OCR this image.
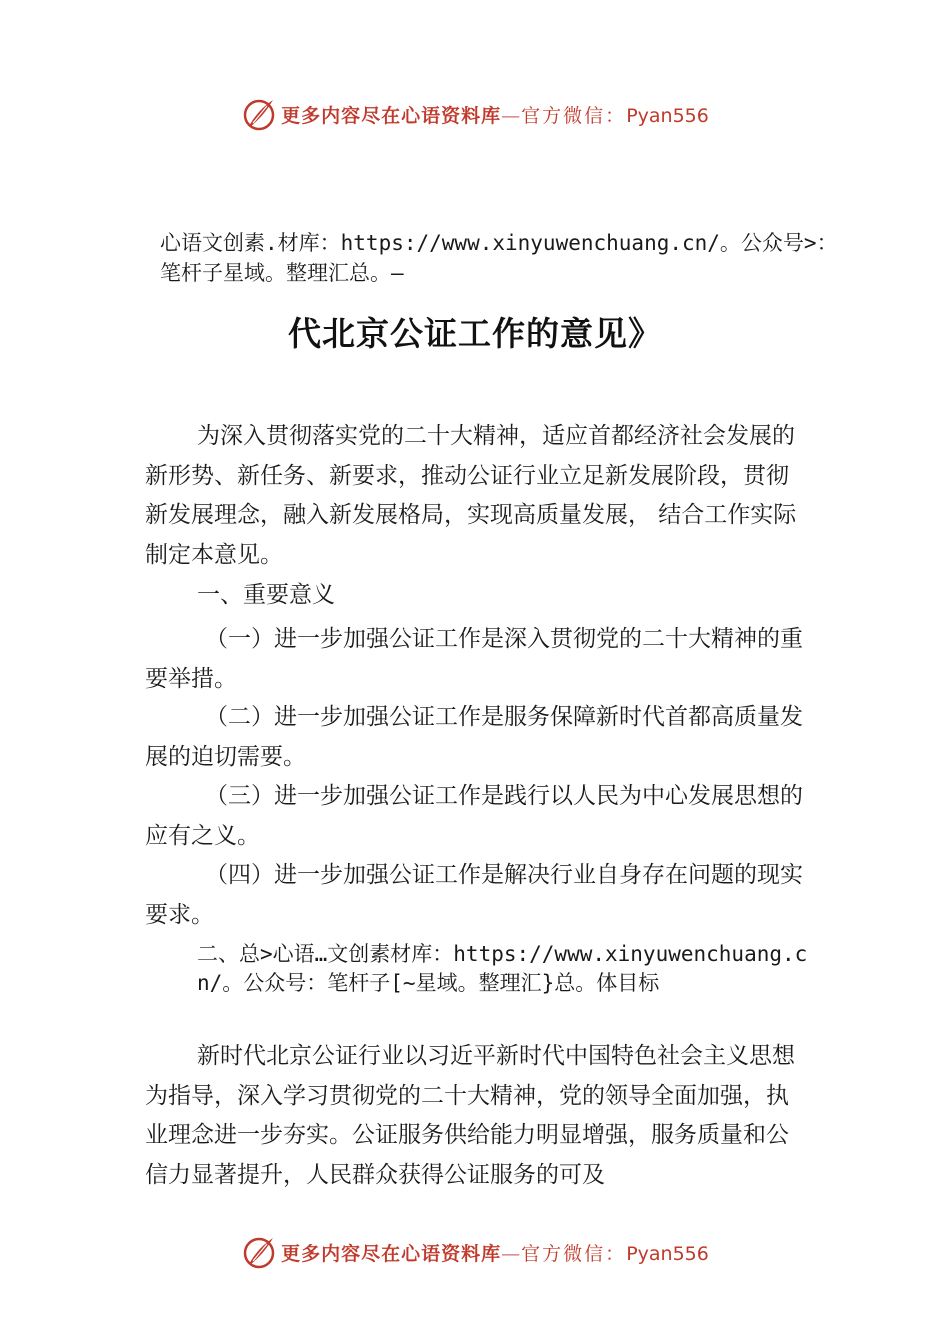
更多内容尽在心语资料库—官方微信：Pyan556
心语文创素.材库：https://www.xinyuwenchuang.cn/。公众号>：笔杆子星域。整理汇总。—
代北京公证工作的意见》

为深入贯彻落实党的二十大精神，适应首都经济社会发展的新形势、新任务、新要求，推动公证行业立足新发展阶段，贯彻新发展理念，融入新发展格局，实现高质量发展， 结合工作实际制定本意见。

一、重要意义

（一）进一步加强公证工作是深入贯彻党的二十大精神的重要举措。

（二）进一步加强公证工作是服务保障新时代首都高质量发展的迫切需要。

（三）进一步加强公证工作是践行以人民为中心发展思想的应有之义。

（四）进一步加强公证工作是解决行业自身存在问题的现实要求。

二、总>心语…文创素材库：https://www.xinyuwenchuang.cn/。公众号：笔杆子[~星域。整理汇}总。体目标

新时代北京公证行业以习近平新时代中国特色社会主义思想为指导，深入学习贯彻党的二十大精神，党的领导全面加强，执业理念进一步夯实。公证服务供给能力明显增强，服务质量和公信力显著提升，人民群众获得公证服务的可及

更多内容尽在心语资料库—官方微信：Pyan556
